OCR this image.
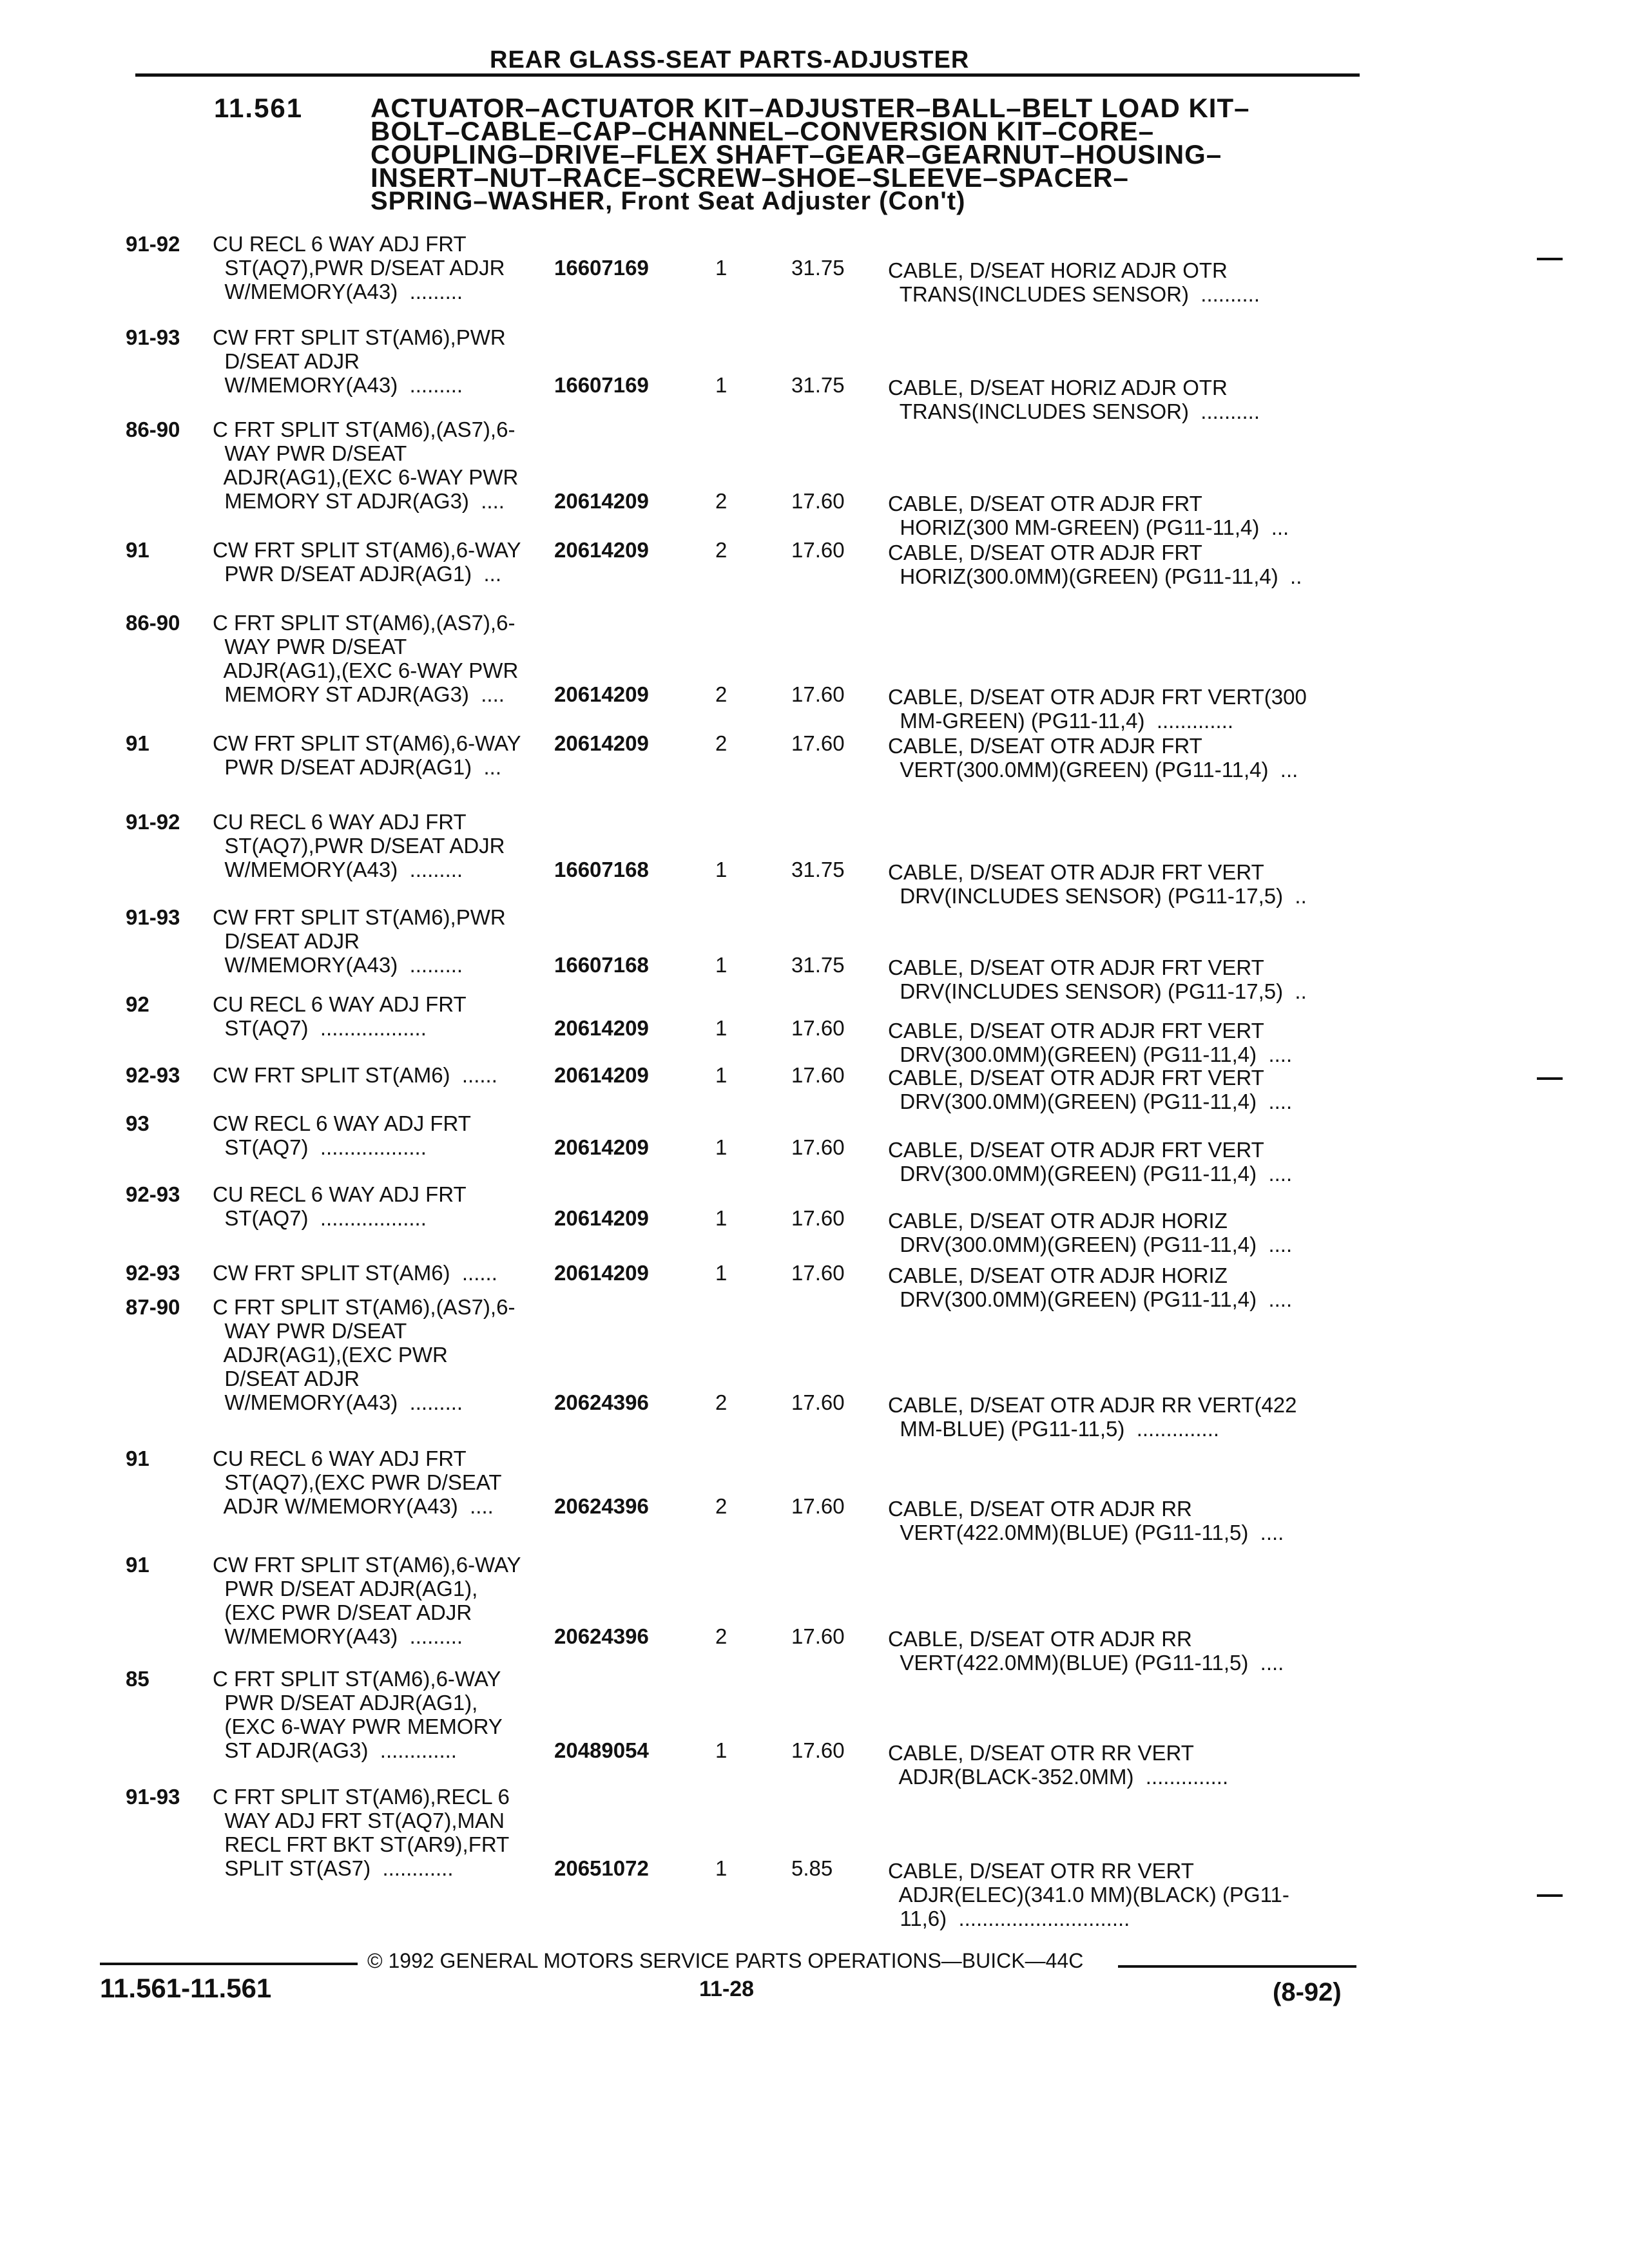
REAR GLASS-SEAT PARTS-ADJUSTER
11.561 ACTUATOR–ACTUATOR KIT–ADJUSTER–BALL–BELT LOAD KIT–
BOLT–CABLE–CAP–CHANNEL–CONVERSION KIT–CORE–
COUPLING–DRIVE–FLEX SHAFT–GEAR–GEARNUT–HOUSING–
INSERT–NUT–RACE–SCREW–SHOE–SLEEVE–SPACER–
SPRING–WASHER, Front Seat Adjuster (Con't)
91-92 CU RECL 6 WAY ADJ FRT
ST(AQ7),PWR D/SEAT ADJR
W/MEMORY(A43)  .........
16607169	1	31.75 CABLE, D/SEAT HORIZ ADJR OTR
TRANS(INCLUDES SENSOR)  ..........
91-93 CW FRT SPLIT ST(AM6),PWR
D/SEAT ADJR
W/MEMORY(A43)  .........	16607169	1	31.75 CABLE, D/SEAT HORIZ ADJR OTR
TRANS(INCLUDES SENSOR)  ..........
86-90 C FRT SPLIT ST(AM6),(AS7),6-
WAY PWR D/SEAT
ADJR(AG1),(EXC 6-WAY PWR
MEMORY ST ADJR(AG3)  ....	20614209	2	17.60 CABLE, D/SEAT OTR ADJR FRT
HORIZ(300 MM-GREEN) (PG11-11,4)  ...
91	CW FRT SPLIT ST(AM6),6-WAY
PWR D/SEAT ADJR(AG1)  ...
20614209	2	17.60 CABLE, D/SEAT OTR ADJR FRT
HORIZ(300.0MM)(GREEN) (PG11-11,4)  ..
86-90 C FRT SPLIT ST(AM6),(AS7),6-
WAY PWR D/SEAT
ADJR(AG1),(EXC 6-WAY PWR
MEMORY ST ADJR(AG3)  ....	20614209	2	17.60 CABLE, D/SEAT OTR ADJR FRT VERT(300
MM-GREEN) (PG11-11,4)  .............
91	CW FRT SPLIT ST(AM6),6-WAY
PWR D/SEAT ADJR(AG1)  ...
20614209	2	17.60 CABLE, D/SEAT OTR ADJR FRT
VERT(300.0MM)(GREEN) (PG11-11,4)  ...
91-92 CU RECL 6 WAY ADJ FRT
ST(AQ7),PWR D/SEAT ADJR
W/MEMORY(A43)  .........	16607168	1	31.75 CABLE, D/SEAT OTR ADJR FRT VERT
DRV(INCLUDES SENSOR) (PG11-17,5)  ..
91-93 CW FRT SPLIT ST(AM6),PWR
D/SEAT ADJR
W/MEMORY(A43)  .........	16607168	1	31.75 CABLE, D/SEAT OTR ADJR FRT VERT
DRV(INCLUDES SENSOR) (PG11-17,5)  ..
92	CU RECL 6 WAY ADJ FRT
ST(AQ7)  ..................	20614209	1	17.60 CABLE, D/SEAT OTR ADJR FRT VERT
DRV(300.0MM)(GREEN) (PG11-11,4)  ....
92-93 CW FRT SPLIT ST(AM6)  ......	20614209	1	17.60 CABLE, D/SEAT OTR ADJR FRT VERT
DRV(300.0MM)(GREEN) (PG11-11,4)  ....
93	CW RECL 6 WAY ADJ FRT
ST(AQ7)  ..................	20614209	1	17.60 CABLE, D/SEAT OTR ADJR FRT VERT
DRV(300.0MM)(GREEN) (PG11-11,4)  ....
92-93 CU RECL 6 WAY ADJ FRT
ST(AQ7)  ..................	20614209	1	17.60 CABLE, D/SEAT OTR ADJR HORIZ
DRV(300.0MM)(GREEN) (PG11-11,4)  ....
92-93 CW FRT SPLIT ST(AM6)  ......	20614209	1	17.60 CABLE, D/SEAT OTR ADJR HORIZ
DRV(300.0MM)(GREEN) (PG11-11,4)  ....
87-90 C FRT SPLIT ST(AM6),(AS7),6-
WAY PWR D/SEAT
ADJR(AG1),(EXC PWR
D/SEAT ADJR
W/MEMORY(A43)  .........	20624396	2	17.60 CABLE, D/SEAT OTR ADJR RR VERT(422
MM-BLUE) (PG11-11,5)  ..............
91	CU RECL 6 WAY ADJ FRT
ST(AQ7),(EXC PWR D/SEAT
ADJR W/MEMORY(A43)  ....	20624396	2	17.60 CABLE, D/SEAT OTR ADJR RR
VERT(422.0MM)(BLUE) (PG11-11,5)  ....
91	CW FRT SPLIT ST(AM6),6-WAY
PWR D/SEAT ADJR(AG1),
(EXC PWR D/SEAT ADJR
W/MEMORY(A43)  .........	20624396	2	17.60 CABLE, D/SEAT OTR ADJR RR
VERT(422.0MM)(BLUE) (PG11-11,5)  ....
85	C FRT SPLIT ST(AM6),6-WAY
PWR D/SEAT ADJR(AG1),
(EXC 6-WAY PWR MEMORY
ST ADJR(AG3)  .............	20489054	1	17.60 CABLE, D/SEAT OTR RR VERT
ADJR(BLACK-352.0MM)  ..............
91-93 C FRT SPLIT ST(AM6),RECL 6
WAY ADJ FRT ST(AQ7),MAN
RECL FRT BKT ST(AR9),FRT
SPLIT ST(AS7)  ............	20651072	1	5.85	CABLE, D/SEAT OTR RR VERT
ADJR(ELEC)(341.0 MM)(BLACK) (PG11-
11,6)  .............................
© 1992 GENERAL MOTORS SERVICE PARTS OPERATIONS—BUICK—44C
11.561-11.561	11-28	(8-92)
